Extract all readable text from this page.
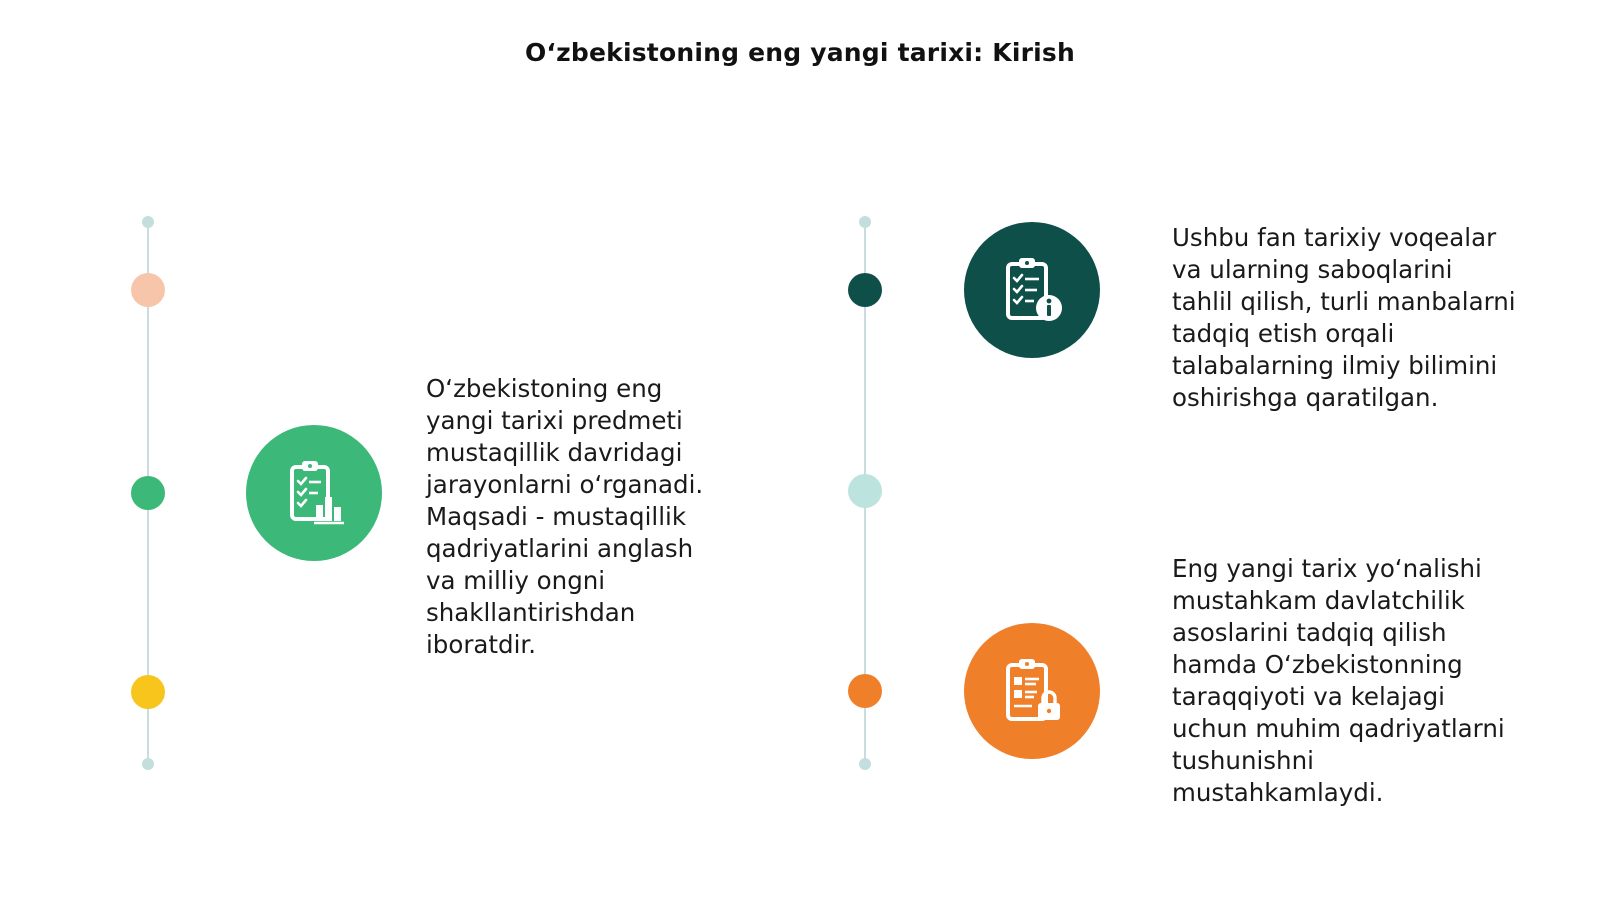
O‘zbekistoning eng yangi tarixi: Kirish
O‘zbekistoning eng
yangi tarixi predmeti
mustaqillik davridagi
jarayonlarni o‘rganadi.
Maqsadi - mustaqillik
qadriyatlarini anglash
va milliy ongni
shakllantirishdan
iboratdir.
Ushbu fan tarixiy voqealar
va ularning saboqlarini
tahlil qilish, turli manbalarni
tadqiq etish orqali
talabalarning ilmiy bilimini
oshirishga qaratilgan.
Eng yangi tarix yo‘nalishi
mustahkam davlatchilik
asoslarini tadqiq qilish
hamda O‘zbekistonning
taraqqiyoti va kelajagi
uchun muhim qadriyatlarni
tushunishni
mustahkamlaydi.
